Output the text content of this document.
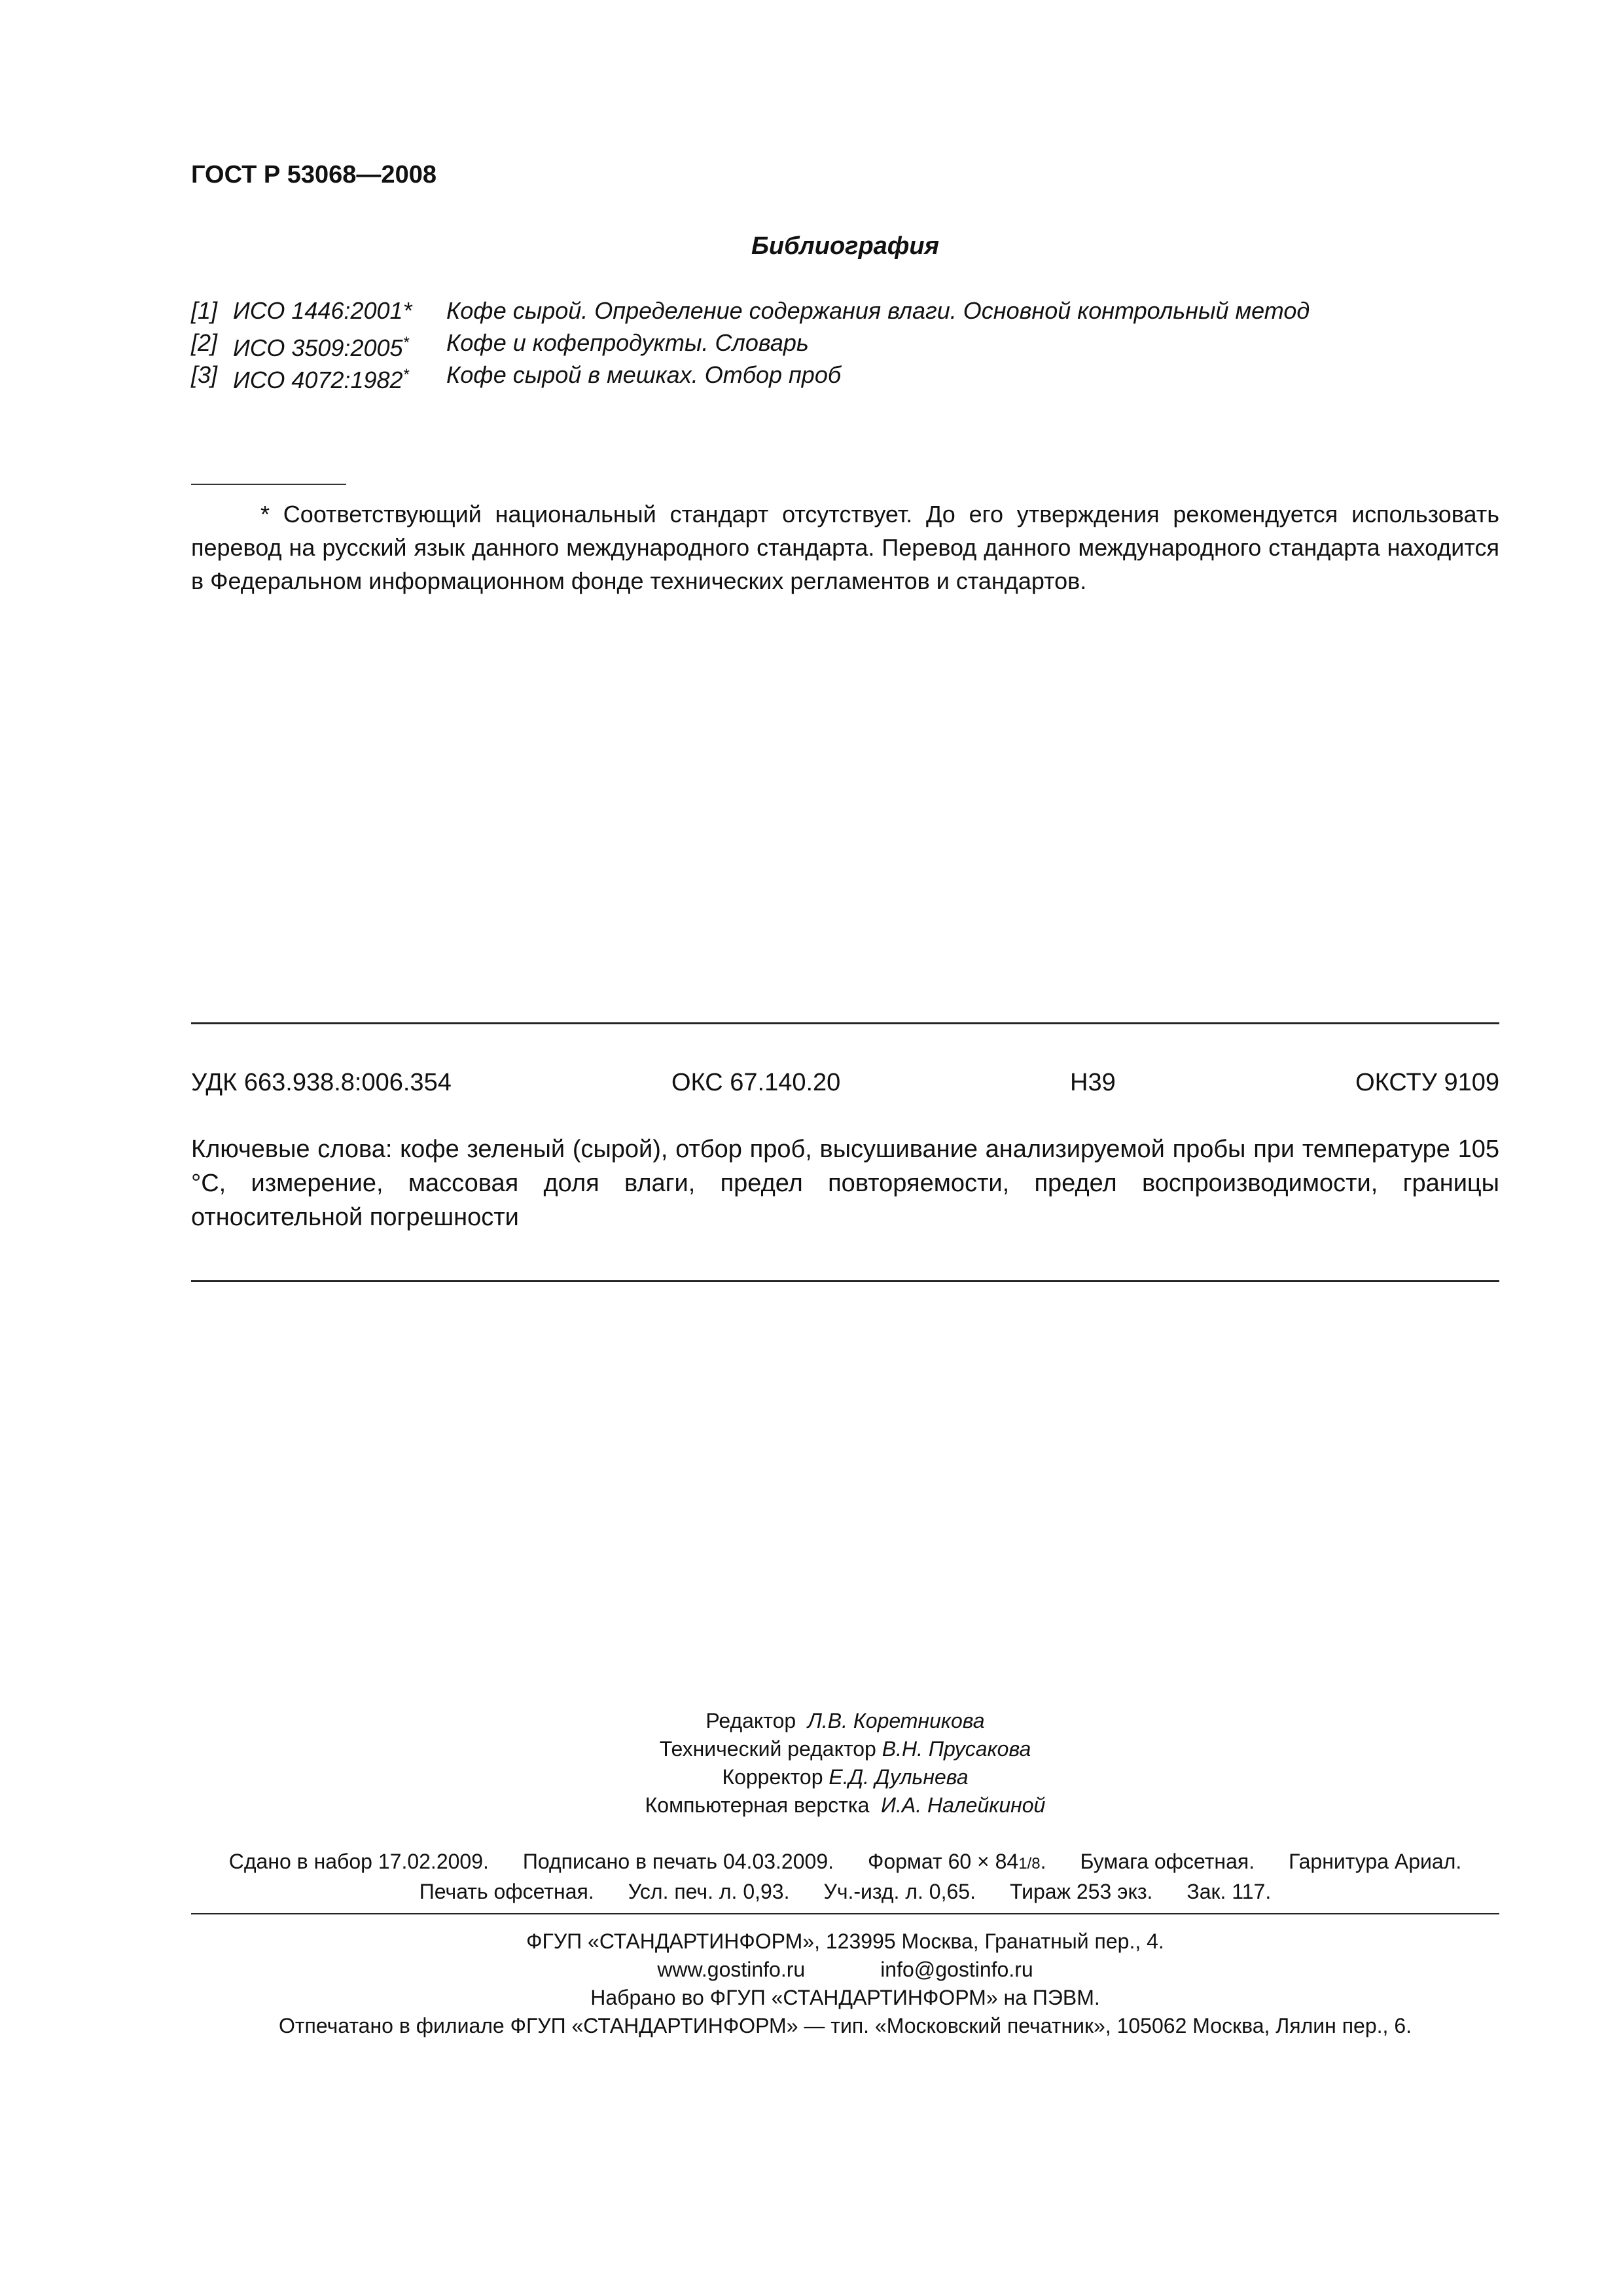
ГОСТ Р 53068—2008
Библиография
[1] ИСО 1446:2001* Кофе сырой. Определение содержания влаги. Основной контрольный метод
[2] ИСО 3509:2005* Кофе и кофепродукты. Словарь
[3] ИСО 4072:1982* Кофе сырой в мешках. Отбор проб
* Соответствующий национальный стандарт отсутствует. До его утверждения рекомендуется использовать перевод на русский язык данного международного стандарта. Перевод данного международного стандарта находится в Федеральном информационном фонде технических регламентов и стандартов.
УДК 663.938.8:006.354	ОКС 67.140.20	Н39	ОКСТУ 9109
Ключевые слова: кофе зеленый (сырой), отбор проб, высушивание анализируемой пробы при температуре 105 °С, измерение, массовая доля влаги, предел повторяемости, предел воспроизводимости, границы относительной погрешности
Редактор Л.В. Коретникова
Технический редактор В.Н. Прусакова
Корректор Е.Д. Дульнева
Компьютерная верстка И.А. Налейкиной
Сдано в набор 17.02.2009. Подписано в печать 04.03.2009. Формат 60 × 841/8. Бумага офсетная. Гарнитура Ариал.
Печать офсетная. Усл. печ. л. 0,93. Уч.-изд. л. 0,65. Тираж 253 экз. Зак. 117.
ФГУП «СТАНДАРТИНФОРМ», 123995 Москва, Гранатный пер., 4.
www.gostinfo.ru	info@gostinfo.ru
Набрано во ФГУП «СТАНДАРТИНФОРМ» на ПЭВМ.
Отпечатано в филиале ФГУП «СТАНДАРТИНФОРМ» — тип. «Московский печатник», 105062 Москва, Лялин пер., 6.
